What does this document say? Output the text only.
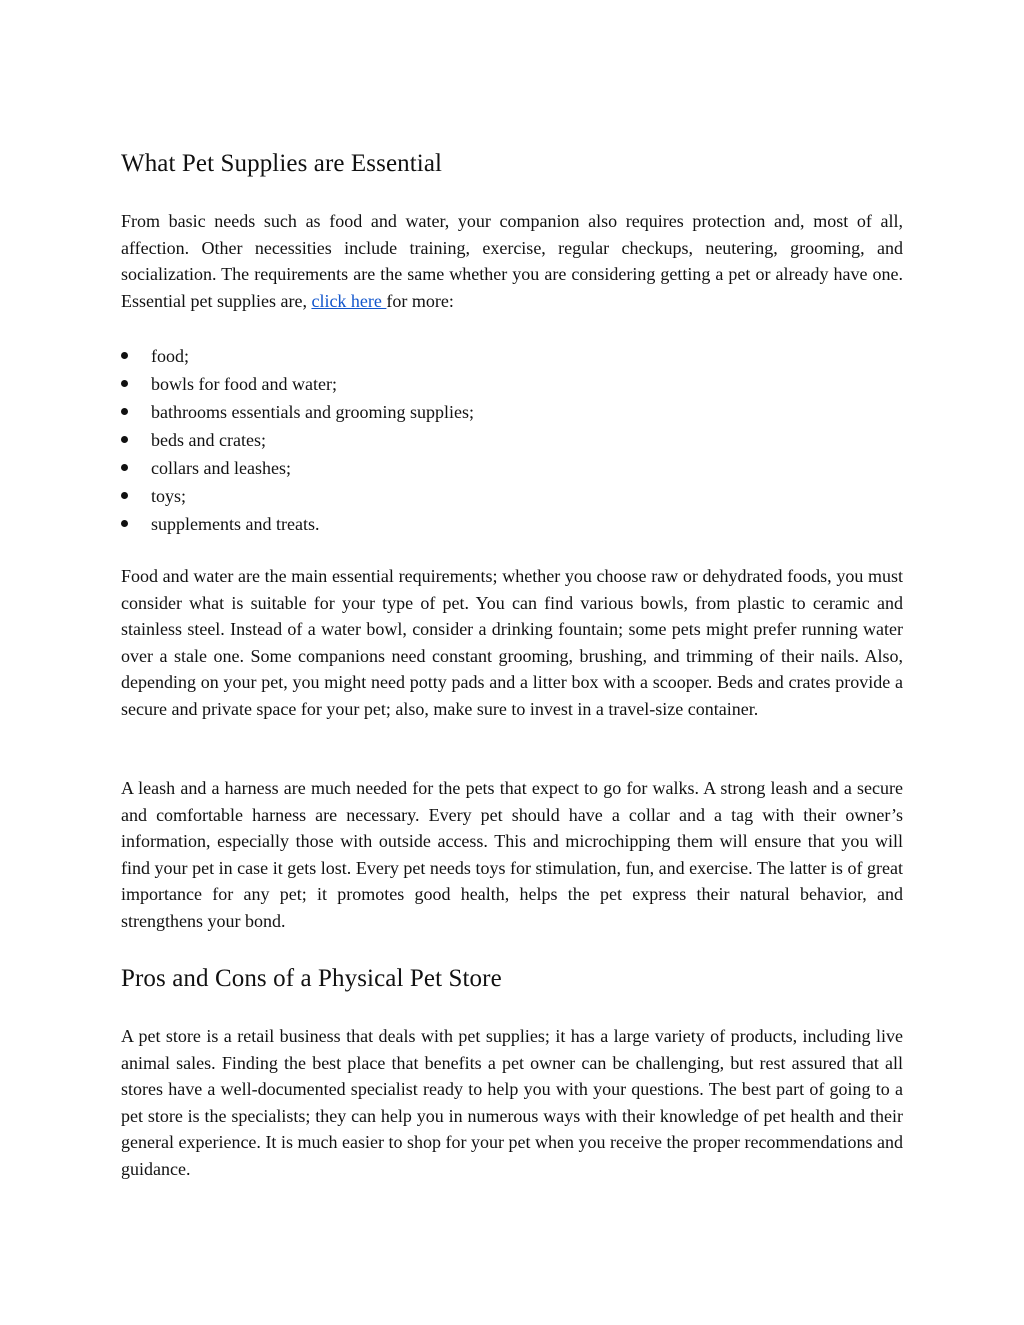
What Pet Supplies are Essential

From basic needs such as food and water, your companion also requires protection and, most of all, affection. Other necessities include training, exercise, regular checkups, neutering, grooming, and socialization. The requirements are the same whether you are considering getting a pet or already have one. Essential pet supplies are, click here for more:

food;
bowls for food and water;
bathrooms essentials and grooming supplies;
beds and crates;
collars and leashes;
toys;
supplements and treats.

Food and water are the main essential requirements; whether you choose raw or dehydrated foods, you must consider what is suitable for your type of pet. You can find various bowls, from plastic to ceramic and stainless steel. Instead of a water bowl, consider a drinking fountain; some pets might prefer running water over a stale one. Some companions need constant grooming, brushing, and trimming of their nails. Also, depending on your pet, you might need potty pads and a litter box with a scooper. Beds and crates provide a secure and private space for your pet; also, make sure to invest in a travel-size container.

A leash and a harness are much needed for the pets that expect to go for walks. A strong leash and a secure and comfortable harness are necessary. Every pet should have a collar and a tag with their owner’s information, especially those with outside access. This and microchipping them will ensure that you will find your pet in case it gets lost. Every pet needs toys for stimulation, fun, and exercise. The latter is of great importance for any pet; it promotes good health, helps the pet express their natural behavior, and strengthens your bond.

Pros and Cons of a Physical Pet Store

A pet store is a retail business that deals with pet supplies; it has a large variety of products, including live animal sales. Finding the best place that benefits a pet owner can be challenging, but rest assured that all stores have a well-documented specialist ready to help you with your questions. The best part of going to a pet store is the specialists; they can help you in numerous ways with their knowledge of pet health and their general experience. It is much easier to shop for your pet when you receive the proper recommendations and guidance.
